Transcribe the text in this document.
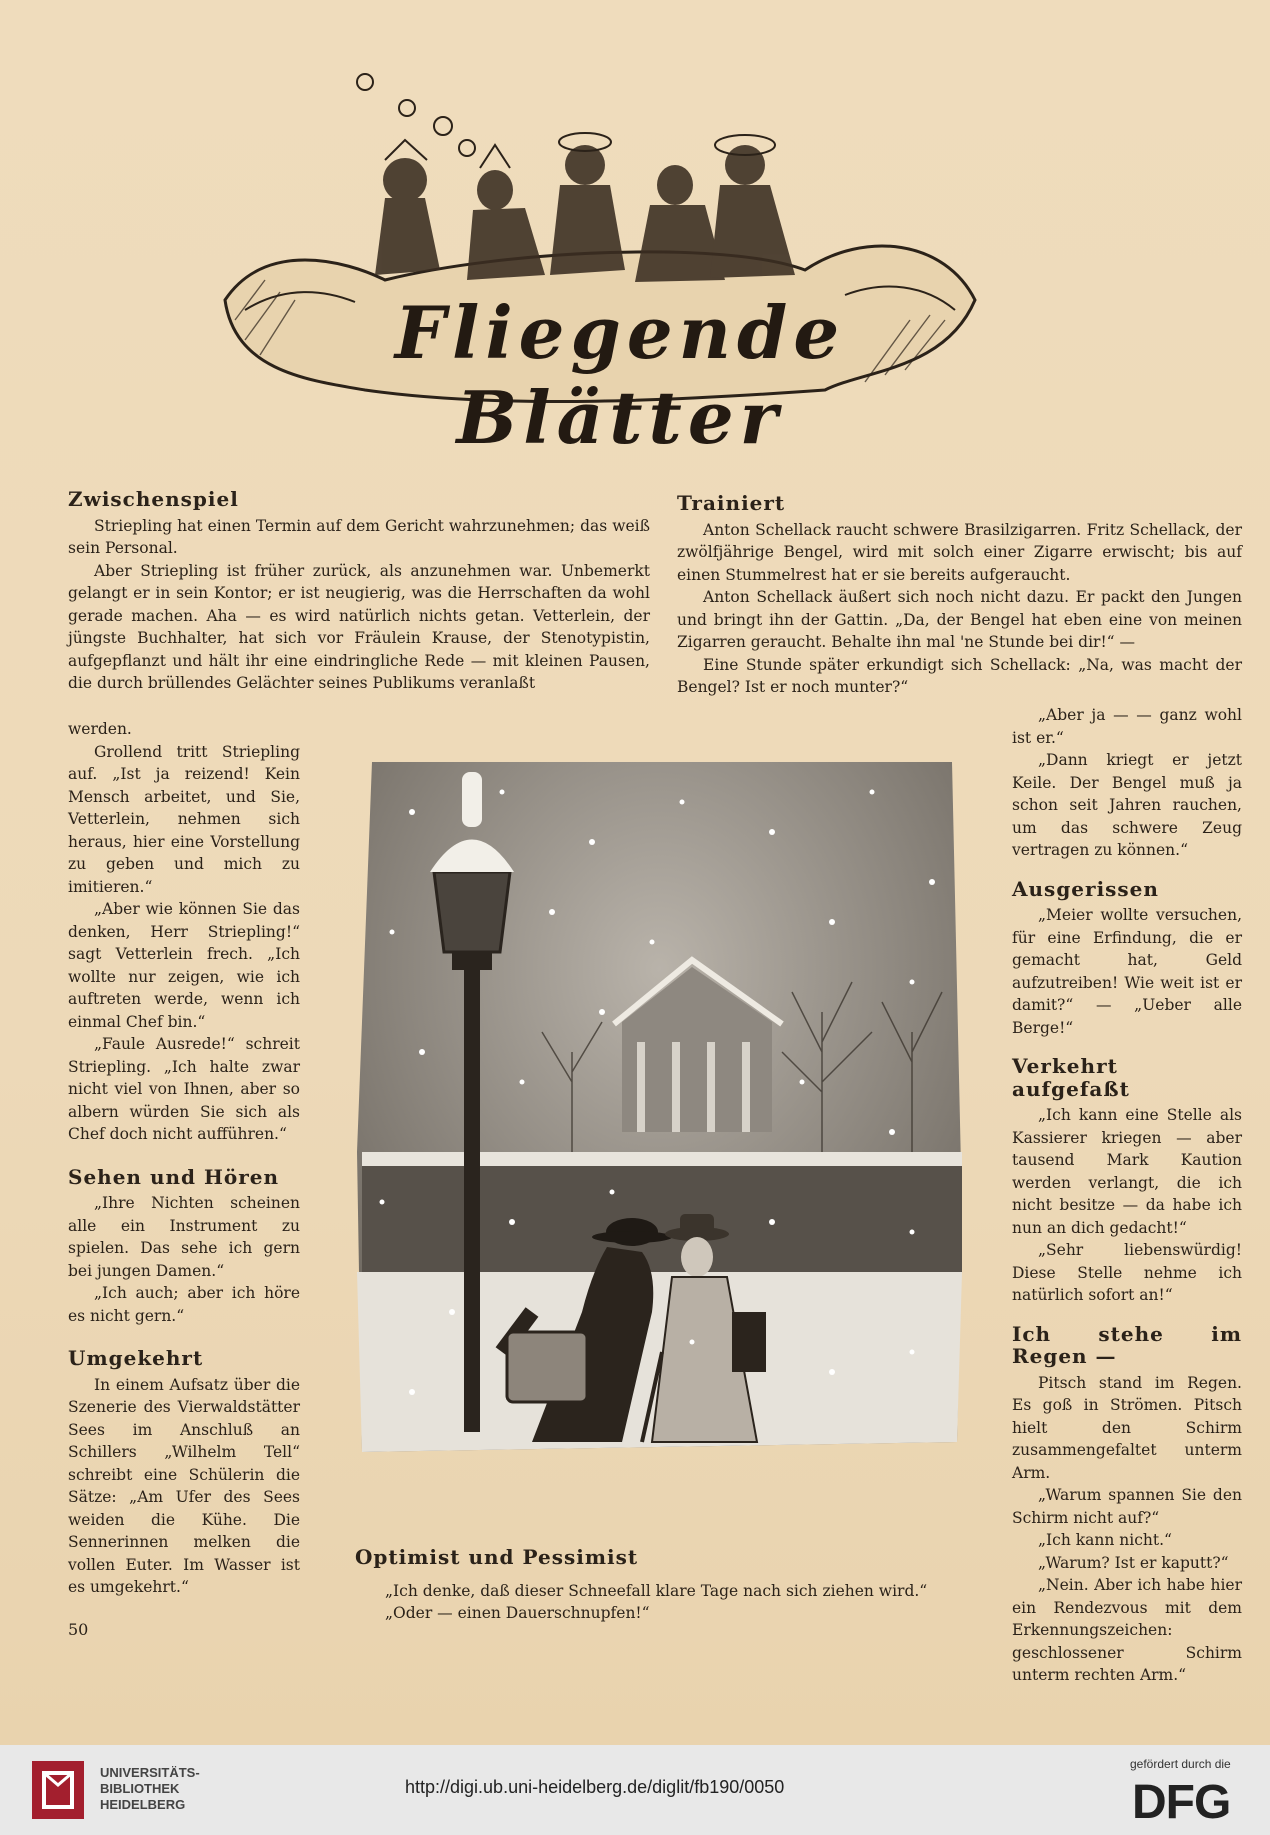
Fliegende Blätter
Zwischenspiel

Striepling hat einen Termin auf dem Gericht wahrzunehmen; das weiß sein Personal.

Aber Striepling ist früher zurück, als anzunehmen war. Unbemerkt gelangt er in sein Kontor; er ist neugierig, was die Herrschaften da wohl gerade machen. Aha — es wird natürlich nichts getan. Vetterlein, der jüngste Buchhalter, hat sich vor Fräulein Krause, der Stenotypistin, aufgepflanzt und hält ihr eine eindringliche Rede — mit kleinen Pausen, die durch brüllendes Gelächter seines Publikums veranlaßt

werden.

Grollend tritt Striepling auf. „Ist ja reizend! Kein Mensch arbeitet, und Sie, Vetterlein, nehmen sich heraus, hier eine Vorstellung zu geben und mich zu imitieren.“

„Aber wie können Sie das denken, Herr Striepling!“ sagt Vetterlein frech. „Ich wollte nur zeigen, wie ich auftreten werde, wenn ich einmal Chef bin.“

„Faule Ausrede!“ schreit Striepling. „Ich halte zwar nicht viel von Ihnen, aber so albern würden Sie sich als Chef doch nicht aufführen.“

Sehen und Hören

„Ihre Nichten scheinen alle ein Instrument zu spielen. Das sehe ich gern bei jungen Damen.“

„Ich auch; aber ich höre es nicht gern.“

Umgekehrt

In einem Aufsatz über die Szenerie des Vierwaldstätter Sees im Anschluß an Schillers „Wilhelm Tell“ schreibt eine Schülerin die Sätze: „Am Ufer des Sees weiden die Kühe. Die Sennerinnen melken die vollen Euter. Im Wasser ist es umgekehrt.“

50
Trainiert

Anton Schellack raucht schwere Brasilzigarren. Fritz Schellack, der zwölfjährige Bengel, wird mit solch einer Zigarre erwischt; bis auf einen Stummelrest hat er sie bereits aufgeraucht.

Anton Schellack äußert sich noch nicht dazu. Er packt den Jungen und bringt ihn der Gattin. „Da, der Bengel hat eben eine von meinen Zigarren geraucht. Behalte ihn mal 'ne Stunde bei dir!“ —

Eine Stunde später erkundigt sich Schellack: „Na, was macht der Bengel? Ist er noch munter?“

„Aber ja — — ganz wohl ist er.“

„Dann kriegt er jetzt Keile. Der Bengel muß ja schon seit Jahren rauchen, um das schwere Zeug vertragen zu können.“

Ausgerissen

„Meier wollte versuchen, für eine Erfindung, die er gemacht hat, Geld aufzutreiben! Wie weit ist er damit?“ — „Ueber alle Berge!“

Verkehrt aufgefaßt

„Ich kann eine Stelle als Kassierer kriegen — aber tausend Mark Kaution werden verlangt, die ich nicht besitze — da habe ich nun an dich gedacht!“

„Sehr liebenswürdig! Diese Stelle nehme ich natürlich sofort an!“

Ich stehe im Regen —

Pitsch stand im Regen. Es goß in Strömen. Pitsch hielt den Schirm zusammengefaltet unterm Arm.

„Warum spannen Sie den Schirm nicht auf?“

„Ich kann nicht.“

„Warum? Ist er kaputt?“

„Nein. Aber ich habe hier ein Rendezvous mit dem Erkennungszeichen: geschlossener Schirm unterm rechten Arm.“

Optimist und Pessimist
„Ich denke, daß dieser Schneefall klare Tage nach sich ziehen wird.“
„Oder — einen Dauerschnupfen!“
UNIVERSITÄTS-
BIBLIOTHEK
HEIDELBERG
http://digi.ub.uni-heidelberg.de/diglit/fb190/0050
gefördert durch die
DFG
